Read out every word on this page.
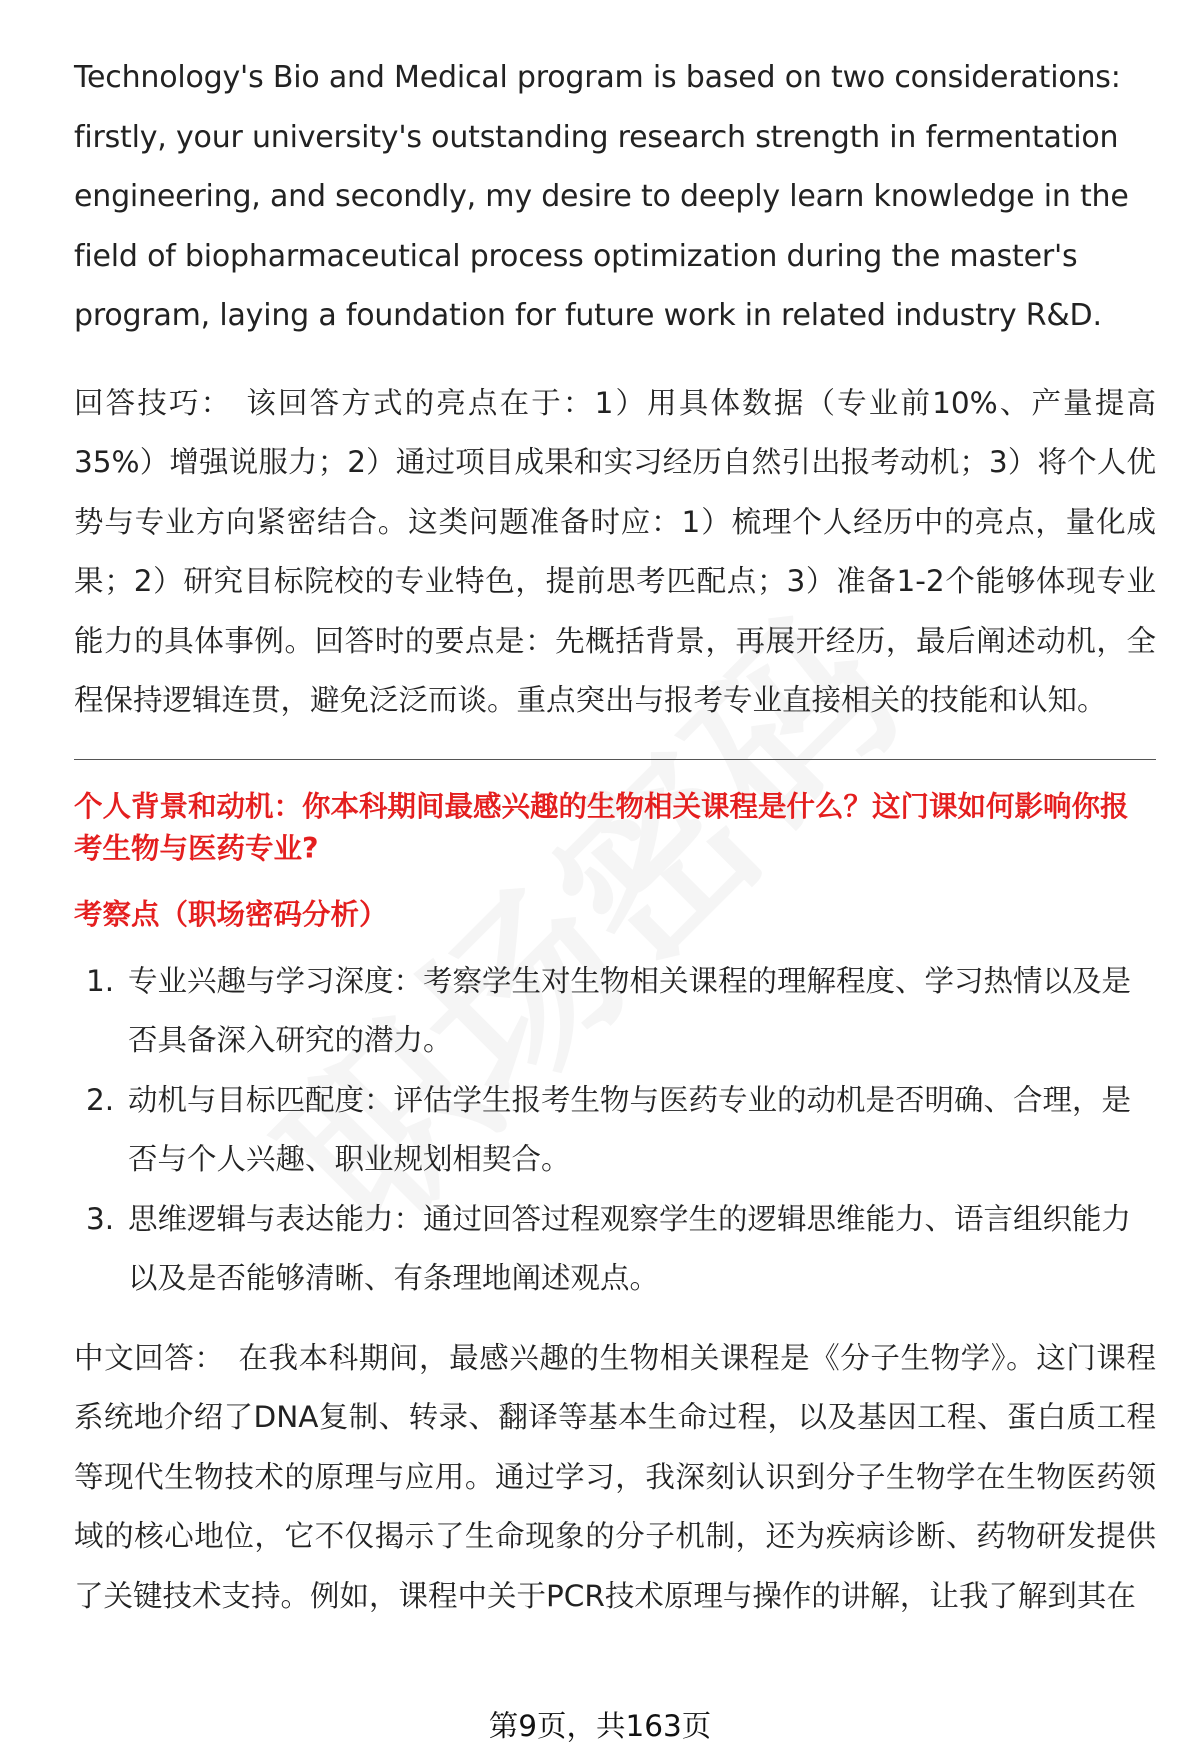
Technology's Bio and Medical program is based on two considerations: firstly, your university's outstanding research strength in fermentation engineering, and secondly, my desire to deeply learn knowledge in the field of biopharmaceutical process optimization during the master's program, laying a foundation for future work in related industry R&D.

回答技巧： 该回答方式的亮点在于：1）用具体数据（专业前10%、产量提高35%）增强说服力；2）通过项目成果和实习经历自然引出报考动机；3）将个人优势与专业方向紧密结合。这类问题准备时应：1）梳理个人经历中的亮点，量化成果；2）研究目标院校的专业特色，提前思考匹配点；3）准备1-2个能够体现专业能力的具体事例。回答时的要点是：先概括背景，再展开经历，最后阐述动机，全程保持逻辑连贯，避免泛泛而谈。重点突出与报考专业直接相关的技能和认知。

个人背景和动机：你本科期间最感兴趣的生物相关课程是什么？这门课如何影响你报考生物与医药专业?
考察点（职场密码分析）
1. 专业兴趣与学习深度：考察学生对生物相关课程的理解程度、学习热情以及是否具备深入研究的潜力。
2. 动机与目标匹配度：评估学生报考生物与医药专业的动机是否明确、合理，是否与个人兴趣、职业规划相契合。
3. 思维逻辑与表达能力：通过回答过程观察学生的逻辑思维能力、语言组织能力以及是否能够清晰、有条理地阐述观点。

中文回答： 在我本科期间，最感兴趣的生物相关课程是《分子生物学》。这门课程系统地介绍了DNA复制、转录、翻译等基本生命过程，以及基因工程、蛋白质工程等现代生物技术的原理与应用。通过学习，我深刻认识到分子生物学在生物医药领域的核心地位，它不仅揭示了生命现象的分子机制，还为疾病诊断、药物研发提供了关键技术支持。例如，课程中关于PCR技术原理与操作的讲解，让我了解到其在

第9页，共163页
